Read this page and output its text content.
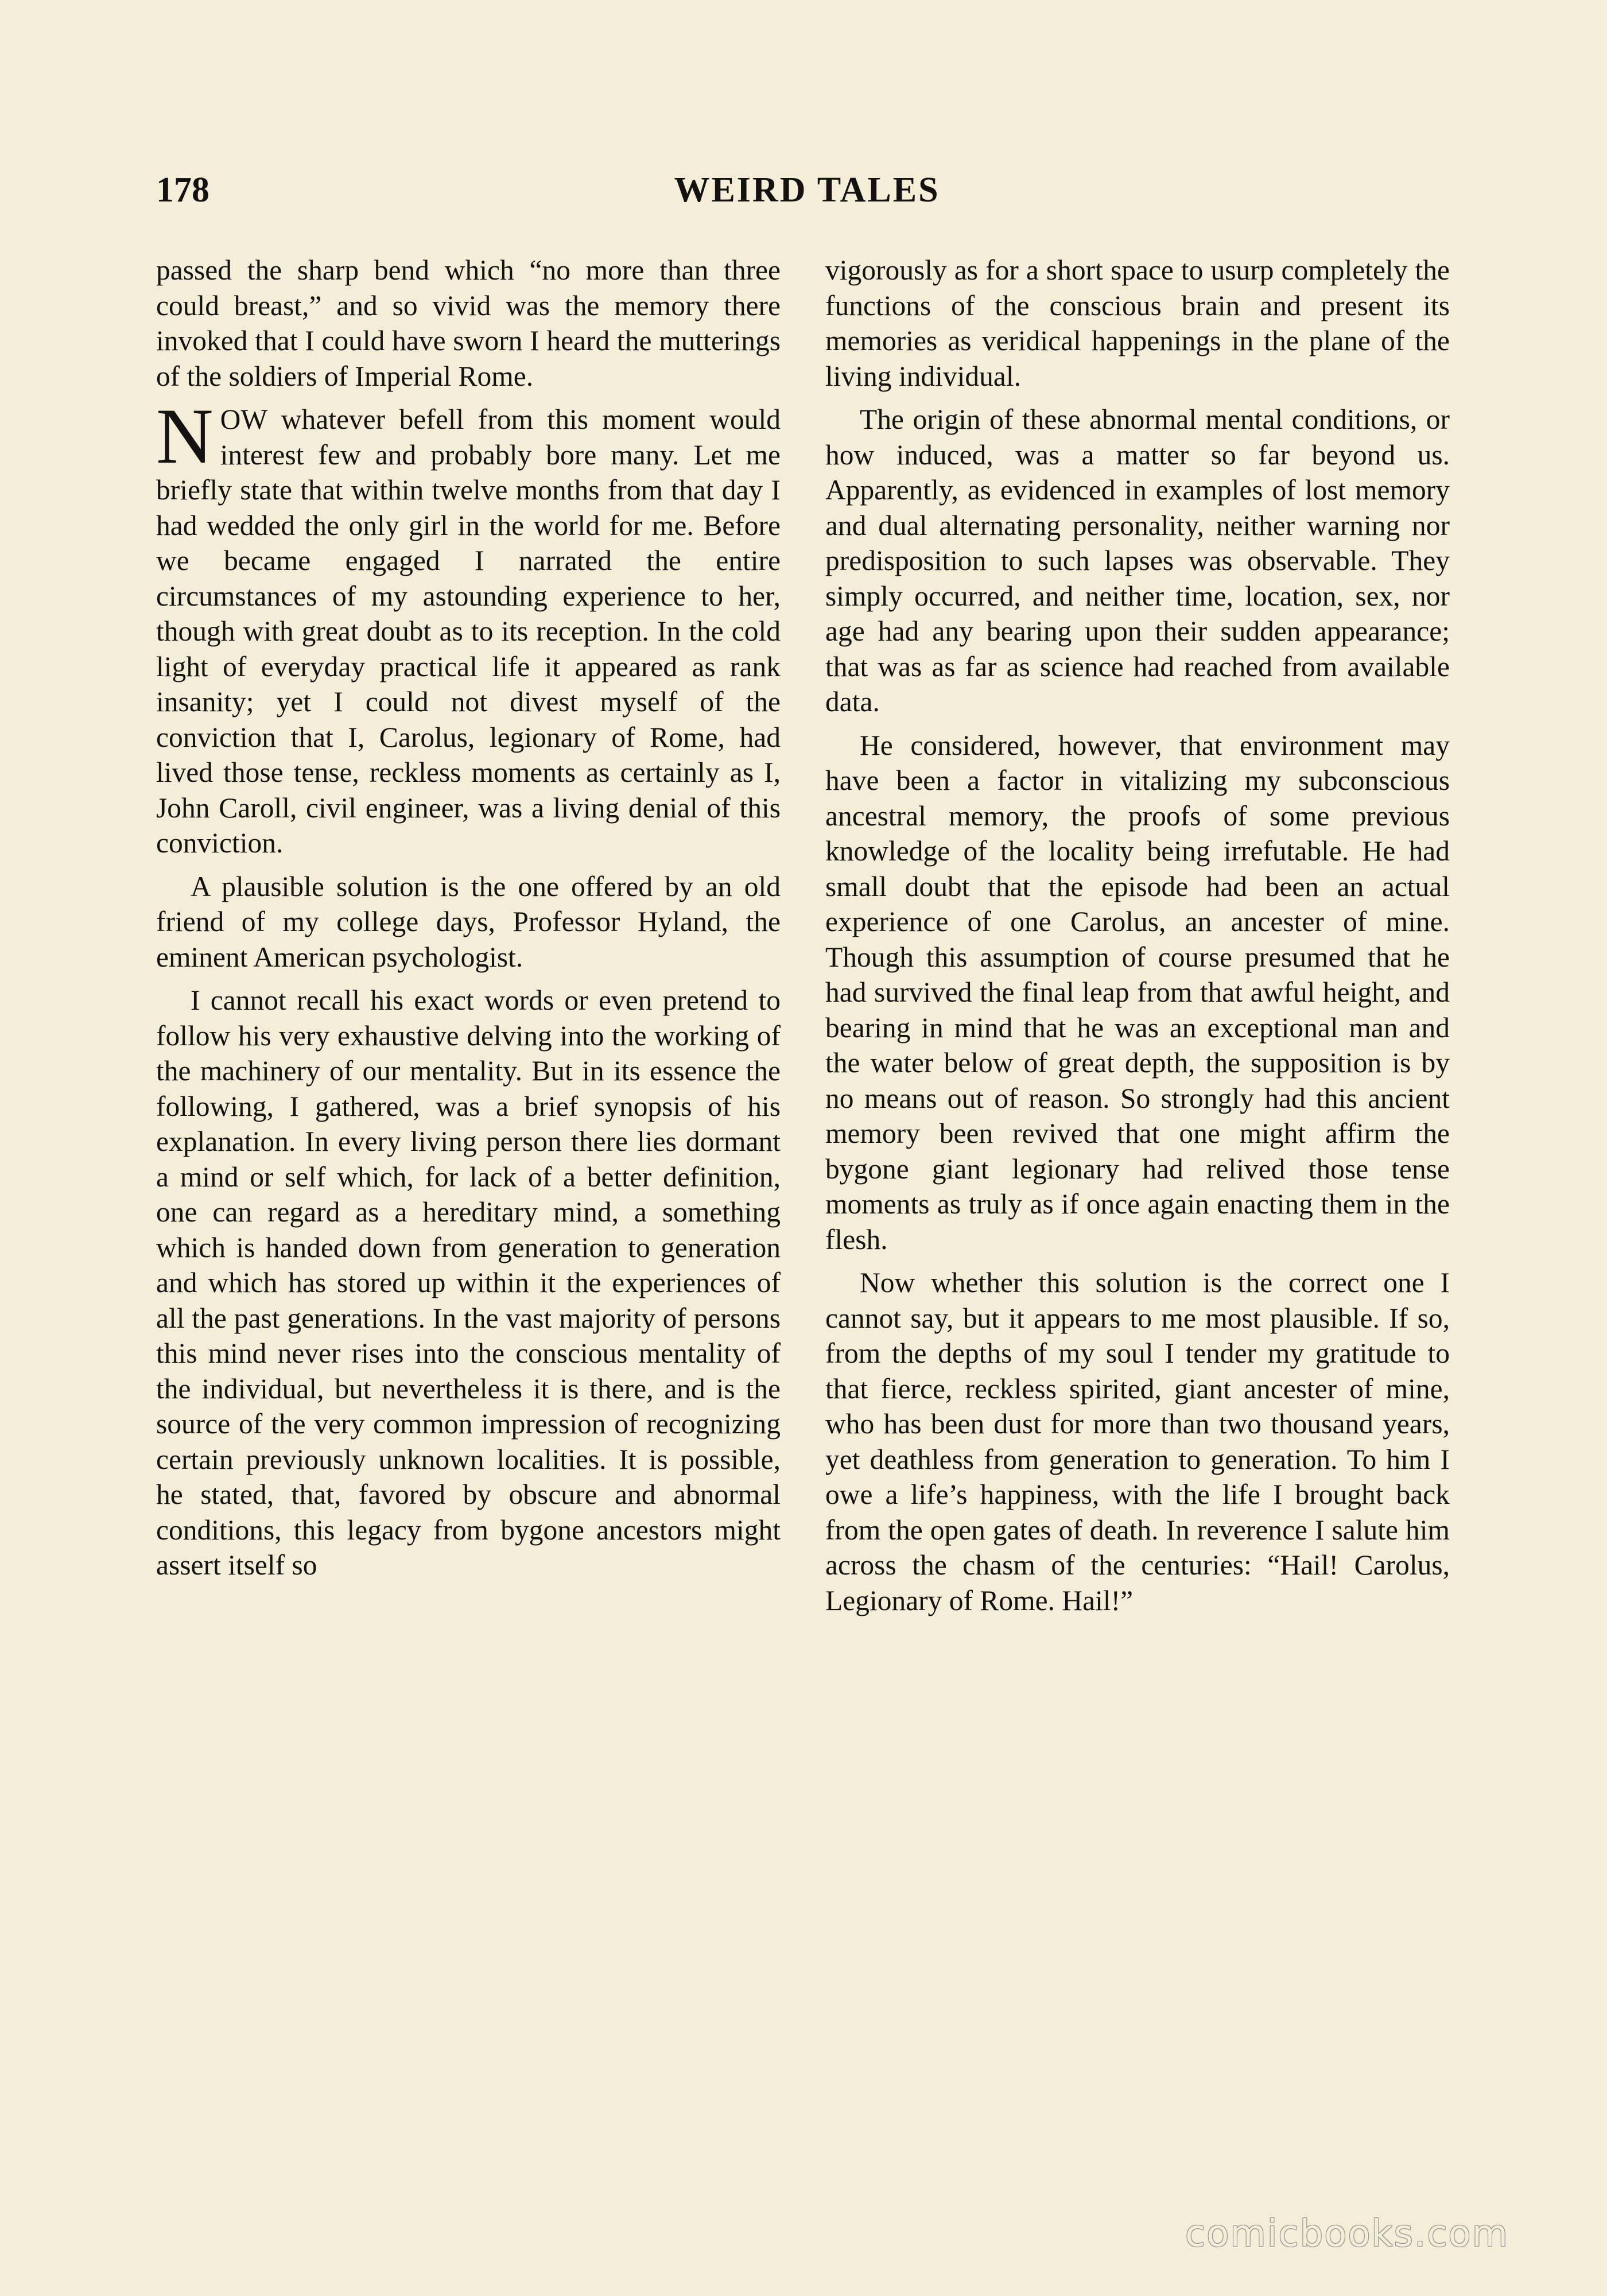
178	WEIRD TALES

passed the sharp bend which “no more than three could breast,” and so vivid was the memory there invoked that I could have sworn I heard the mutterings of the soldiers of Imperial Rome.

NOW whatever befell from this moment would interest few and probably bore many. Let me briefly state that within twelve months from that day I had wedded the only girl in the world for me. Before we became engaged I narrated the entire circumstances of my astounding experience to her, though with great doubt as to its reception. In the cold light of everyday practical life it appeared as rank insanity; yet I could not divest myself of the conviction that I, Carolus, legionary of Rome, had lived those tense, reckless moments as certainly as I, John Caroll, civil engineer, was a living denial of this conviction.

A plausible solution is the one offered by an old friend of my college days, Professor Hyland, the eminent American psychologist.

I cannot recall his exact words or even pretend to follow his very exhaustive delving into the working of the machinery of our mentality. But in its essence the following, I gathered, was a brief synopsis of his explanation. In every living person there lies dormant a mind or self which, for lack of a better definition, one can regard as a hereditary mind, a something which is handed down from generation to generation and which has stored up within it the experiences of all the past generations. In the vast majority of persons this mind never rises into the conscious mentality of the individual, but nevertheless it is there, and is the source of the very common impression of recognizing certain previously unknown localities. It is possible, he stated, that, favored by obscure and abnormal conditions, this legacy from bygone ancestors might assert itself so

vigorously as for a short space to usurp completely the functions of the conscious brain and present its memories as veridical happenings in the plane of the living individual.

The origin of these abnormal mental conditions, or how induced, was a matter so far beyond us. Apparently, as evidenced in examples of lost memory and dual alternating personality, neither warning nor predisposition to such lapses was observable. They simply occurred, and neither time, location, sex, nor age had any bearing upon their sudden appearance; that was as far as science had reached from available data.

He considered, however, that environment may have been a factor in vitalizing my subconscious ancestral memory, the proofs of some previous knowledge of the locality being irrefutable. He had small doubt that the episode had been an actual experience of one Carolus, an ancester of mine. Though this assumption of course presumed that he had survived the final leap from that awful height, and bearing in mind that he was an exceptional man and the water below of great depth, the supposition is by no means out of reason. So strongly had this ancient memory been revived that one might affirm the bygone giant legionary had relived those tense moments as truly as if once again enacting them in the flesh.

Now whether this solution is the correct one I cannot say, but it appears to me most plausible. If so, from the depths of my soul I tender my gratitude to that fierce, reckless spirited, giant ancester of mine, who has been dust for more than two thousand years, yet deathless from generation to generation. To him I owe a life’s happiness, with the life I brought back from the open gates of death. In reverence I salute him across the chasm of the centuries: “Hail! Carolus, Legionary of Rome. Hail!”

comicbooks.com
